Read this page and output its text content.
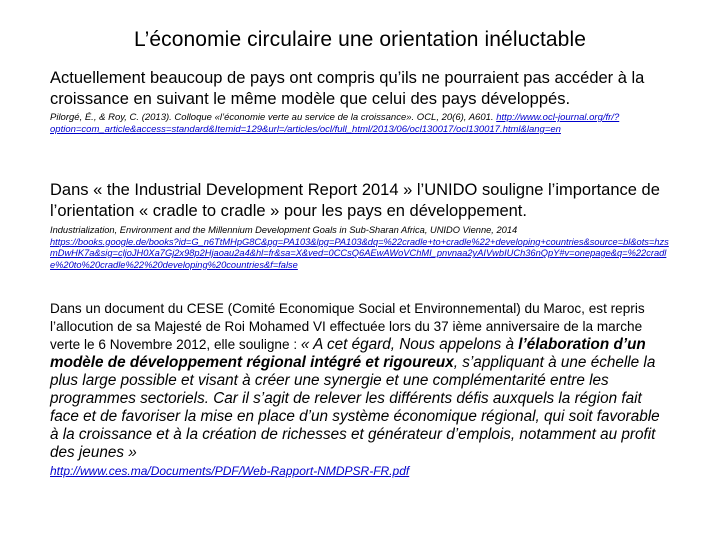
L’économie circulaire une orientation inéluctable
Actuellement beaucoup de pays ont compris qu’ils ne pourraient pas accéder à la croissance en suivant le même modèle que celui des pays développés.
Pilorgé, É., & Roy, C. (2013). Colloque «l’économie verte au service de la croissance». OCL, 20(6), A601. http://www.ocl-journal.org/fr/?option=com_article&access=standard&Itemid=129&url=/articles/ocl/full_html/2013/06/ocl130017/ocl130017.html&lang=en
Dans « the Industrial Development Report 2014 » l’UNIDO souligne l’importance de l’orientation « cradle to cradle » pour les pays en développement.
Industrialization, Environment and the Millennium Development Goals in Sub-Sharan Africa, UNIDO Vienne, 2014
https://books.google.de/books?id=G_n6TtMHpG8C&pg=PA103&lpg=PA103&dq=%22cradle+to+cradle%22+developing+countries&source=bl&ots=hzsmDwHK7a&sig=cljoJH0Xa7Gj2x98p2Hjaoau2a4&hl=fr&sa=X&ved=0CCsQ6AEwAWoVChMI_pnvnaa2yAIVwbIUCh36nQpY#v=onepage&q=%22cradle%20to%20cradle%22%20developing%20countries&f=false
Dans un document du CESE (Comité Economique Social et Environnemental) du Maroc, est repris l’allocution de sa Majesté de Roi Mohamed VI effectuée lors du 37 ième anniversaire de la marche verte le 6 Novembre 2012, elle souligne : « A cet égard, Nous appelons à l’élaboration d’un modèle de développement régional intégré et rigoureux, s’appliquant à une échelle la plus large possible et visant à créer une synergie et une complémentarité entre les programmes sectoriels. Car il s’agit de relever les différents défis auxquels la région fait face et de favoriser la mise en place d’un système économique régional, qui soit favorable à la croissance et à la création de richesses et générateur d’emplois, notamment au profit des jeunes »
http://www.ces.ma/Documents/PDF/Web-Rapport-NMDPSR-FR.pdf
